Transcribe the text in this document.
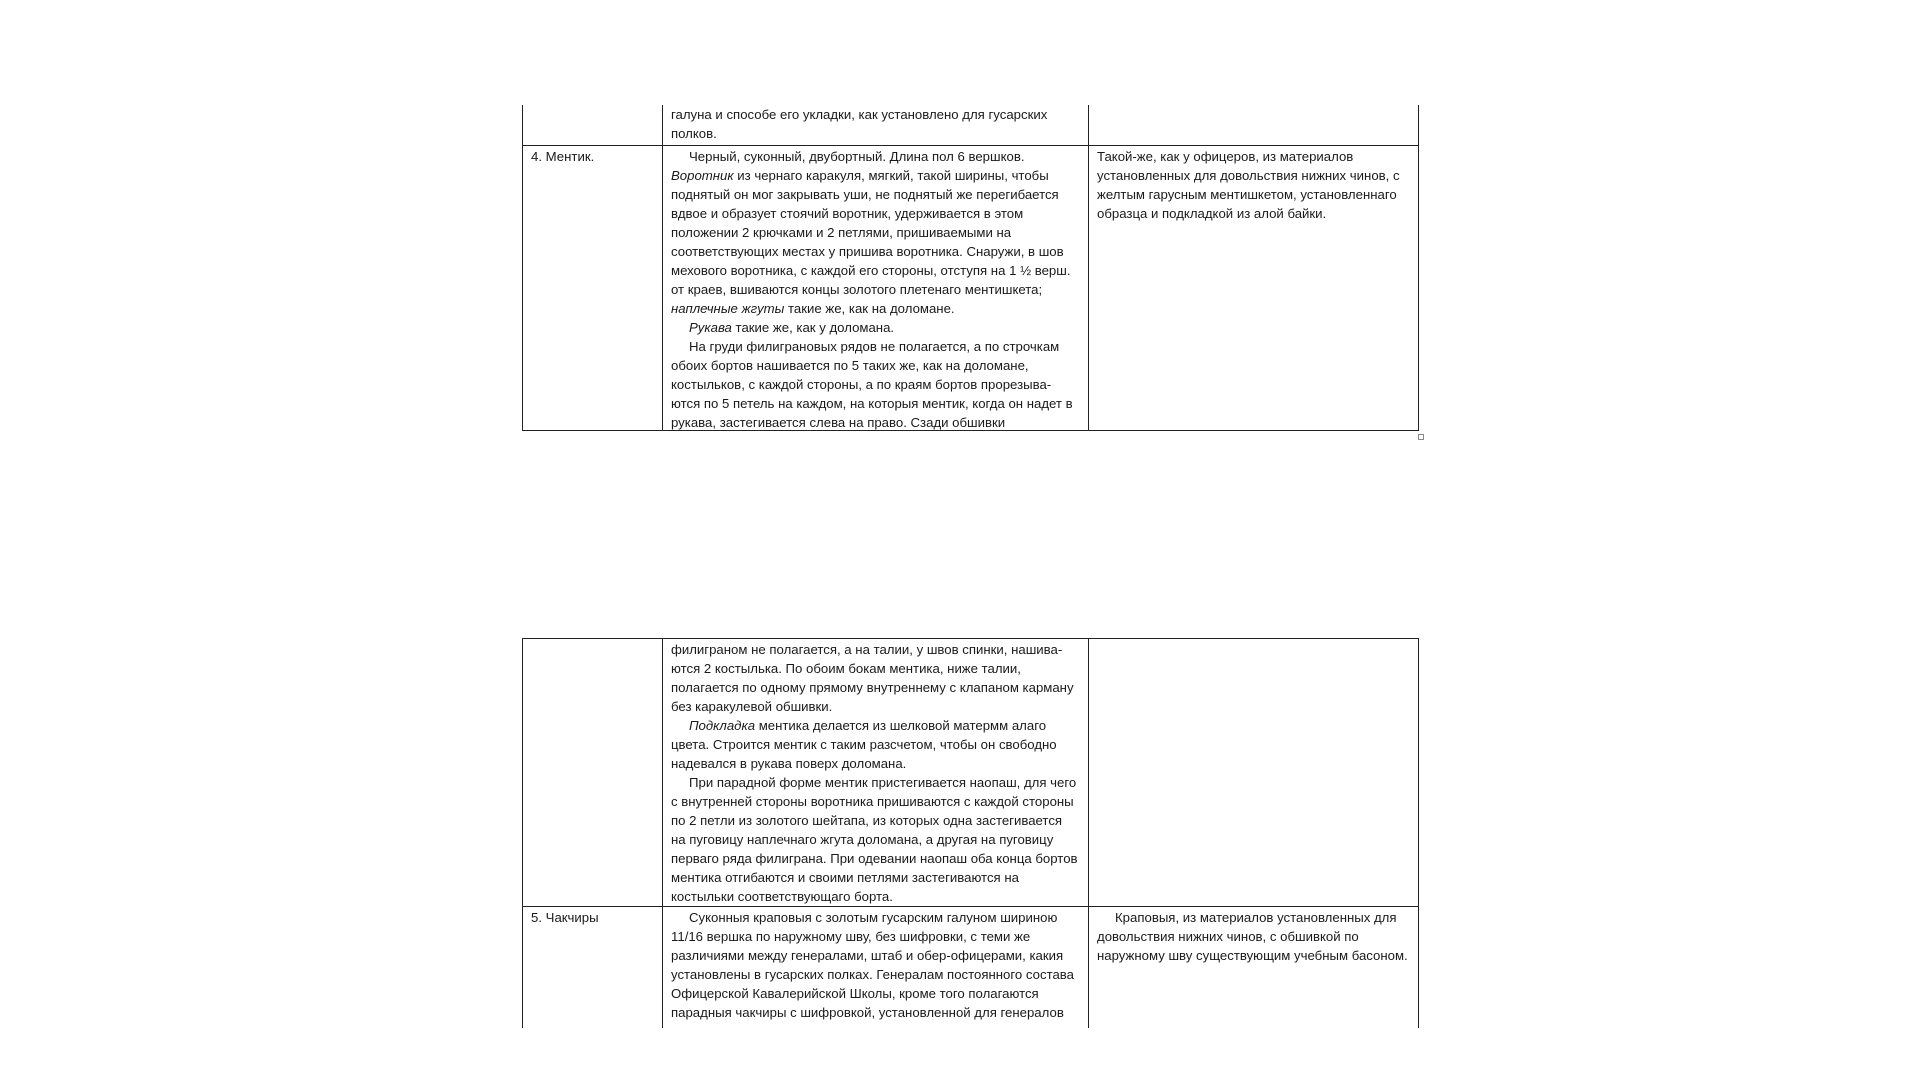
	галуна и способе его укладки, как установлено для гусарских

полков.	

4. Ментик.	Черный, суконный, двубортный. Длина пол 6 вершков.

Воротник из чернаго каракуля, мягкий, такой ширины, чтобы поднятый он мог закрывать уши, не поднятый же перегибается вдвое и образует стоячий воротник, удерживается в этом положении 2 крючками и 2 петлями, пришиваемыми на соответствующих местах у пришива воротника. Снаружи, в шов мехового воротника, с каждой его стороны, отступя на 1 ½ верш. от краев, вшиваются концы золотого плетенаго ментишкета; наплечные жгуты такие же, как на доломане.

Рукава такие же, как у доломана.

На груди филиграновых рядов не полагается, а по строчкам обоих бортов нашивается по 5 таких же, как на доломане, костыльков, с каждой стороны, а по краям бортов прорезыва-ются по 5 петель на каждом, на которыя ментик, когда он надет в рукава, застегивается слева на право. Сзади обшивки	Такой-же, как у офицеров, из материалов установленных для довольствия нижних чинов, с желтым гарусным ментишкетом, установленнаго образца и подкладкой из алой байки.

	филиграном не полагается, а на талии, у швов спинки, нашива-ются 2 костылька. По обоим бокам ментика, ниже талии, полагается по одному прямому внутреннему с клапаном карману без каракулевой обшивки.

Подкладка ментика делается из шелковой матермм алаго цвета. Строится ментик с таким разсчетом, чтобы он свободно надевался в рукава поверх доломана.

При парадной форме ментик пристегивается наопаш, для чего с внутренней стороны воротника пришиваются с каждой стороны по 2 петли из золотого шейтапа, из которых одна застегивается на пуговицу наплечнаго жгута доломана, а другая на пуговицу перваго ряда филиграна. При одевании наопаш оба конца бортов ментика отгибаются и своими петлями застегиваются на костыльки соответствующаго борта.	

5. Чакчиры	Суконныя краповыя с золотым гусарским галуном шириною 11/16 вершка по наружному шву, без шифровки, с теми же различиями между генералами, штаб и обер-офицерами, какия установлены в гусарских полках. Генералам постоянного состава Офицерской Кавалерийской Школы, кроме того полагаются парадныя чакчиры с шифровкой, установленной для генералов	Краповыя, из материалов установленных для довольствия нижних чинов, с обшивкой по наружному шву существующим учебным басоном.
